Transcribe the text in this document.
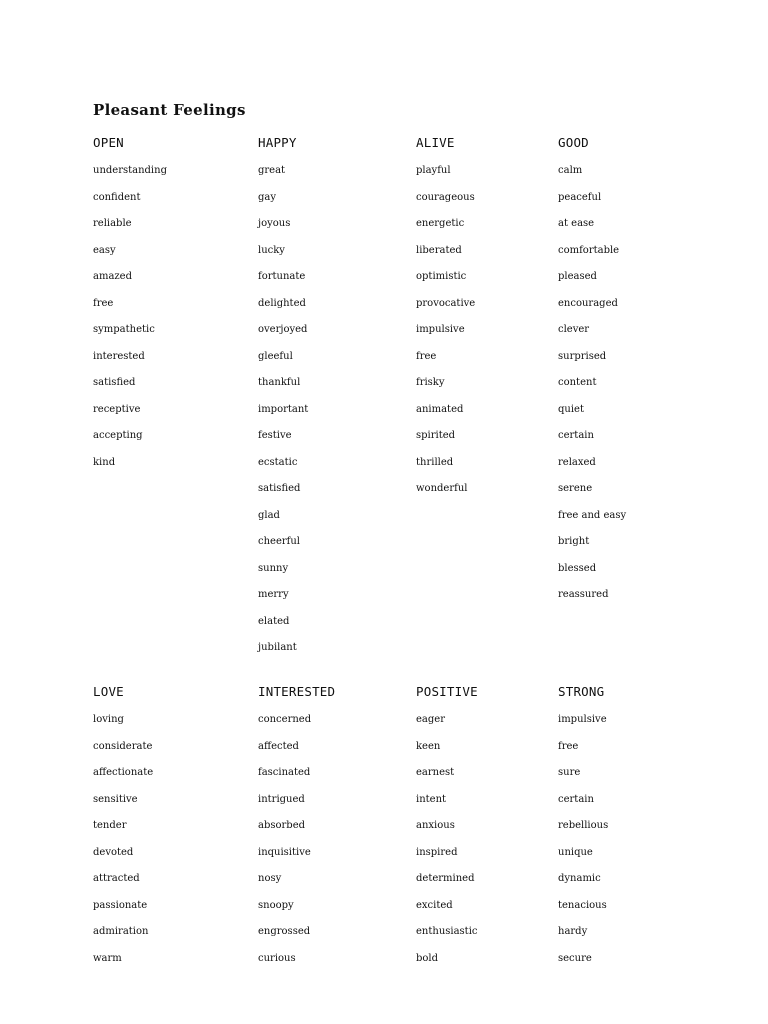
Pleasant Feelings
OPEN
understanding
confident
reliable
easy
amazed
free
sympathetic
interested
satisfied
receptive
accepting
kind
HAPPY
great
gay
joyous
lucky
fortunate
delighted
overjoyed
gleeful
thankful
important
festive
ecstatic
satisfied
glad
cheerful
sunny
merry
elated
jubilant
ALIVE
playful
courageous
energetic
liberated
optimistic
provocative
impulsive
free
frisky
animated
spirited
thrilled
wonderful
GOOD
calm
peaceful
at ease
comfortable
pleased
encouraged
clever
surprised
content
quiet
certain
relaxed
serene
free and easy
bright
blessed
reassured
LOVE
loving
considerate
affectionate
sensitive
tender
devoted
attracted
passionate
admiration
warm
INTERESTED
concerned
affected
fascinated
intrigued
absorbed
inquisitive
nosy
snoopy
engrossed
curious
POSITIVE
eager
keen
earnest
intent
anxious
inspired
determined
excited
enthusiastic
bold
STRONG
impulsive
free
sure
certain
rebellious
unique
dynamic
tenacious
hardy
secure
